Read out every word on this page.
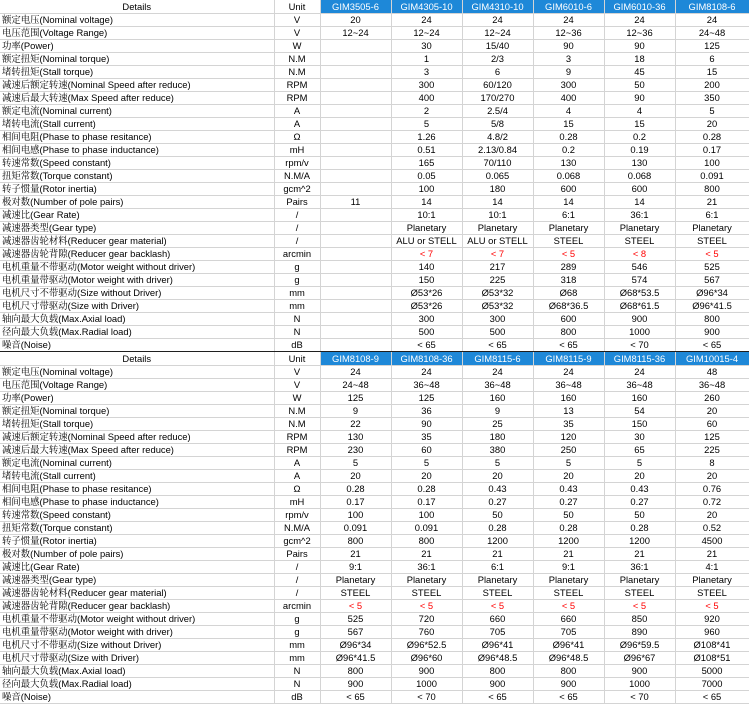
Details	Unit	GIM3505-6	GIM4305-10	GIM4310-10	GIM6010-6	GIM6010-36	GIM8108-6
额定电压(Nominal voltage)	V	20	24	24	24	24	24
电压范围(Voltage Range)	V	12~24	12~24	12~24	12~36	12~36	24~48
功率(Power)	W		30	15/40	90	90	125
额定扭矩(Nominal torque)	N.M		1	2/3	3	18	6
堵转扭矩(Stall torque)	N.M		3	6	9	45	15
减速后额定转速(Nominal Speed after reduce)	RPM		300	60/120	300	50	200
减速后最大转速(Max Speed after reduce)	RPM		400	170/270	400	90	350
额定电流(Nominal current)	A		2	2.5/4	4	4	5
堵转电流(Stall current)	A		5	5/8	15	15	20
相间电阻(Phase to phase resitance)	Ω		1.26	4.8/2	0.28	0.2	0.28
相间电感(Phase to phase inductance)	mH		0.51	2.13/0.84	0.2	0.19	0.17
转速常数(Speed constant)	rpm/v		165	70/110	130	130	100
扭矩常数(Torque constant)	N.M/A		0.05	0.065	0.068	0.068	0.091
转子惯量(Rotor inertia)	gcm^2		100	180	600	600	800
极对数(Number of pole pairs)	Pairs	11	14	14	14	14	21
减速比(Gear Rate)	/		10:1	10:1	6:1	36:1	6:1
减速器类型(Gear type)	/		Planetary	Planetary	Planetary	Planetary	Planetary
减速器齿轮材料(Reducer gear material)	/		ALU or STELL	ALU or STELL	STEEL	STEEL	STEEL
减速器齿轮背隙(Reducer gear backlash)	arcmin		< 7	< 7	< 5	< 8	< 5
电机重量不带驱动(Motor weight without driver)	g		140	217	289	546	525
电机重量带驱动(Motor weight with driver)	g		150	225	318	574	567
电机尺寸不带驱动(Size without Driver)	mm		Ø53*26	Ø53*32	Ø68	Ø68*53.5	Ø96*34
电机尺寸带驱动(Size with Driver)	mm		Ø53*26	Ø53*32	Ø68*36.5	Ø68*61.5	Ø96*41.5
轴向最大负载(Max.Axial load)	N		300	300	600	900	800
径向最大负载(Max.Radial load)	N		500	500	800	1000	900
噪音(Noise)	dB		< 65	< 65	< 65	< 70	< 65
Details	Unit	GIM8108-9	GIM8108-36	GIM8115-6	GIM8115-9	GIM8115-36	GIM10015-4
额定电压(Nominal voltage)	V	24	24	24	24	24	48
电压范围(Voltage Range)	V	24~48	36~48	36~48	36~48	36~48	36~48
功率(Power)	W	125	125	160	160	160	260
额定扭矩(Nominal torque)	N.M	9	36	9	13	54	20
堵转扭矩(Stall torque)	N.M	22	90	25	35	150	60
减速后额定转速(Nominal Speed after reduce)	RPM	130	35	180	120	30	125
减速后最大转速(Max Speed after reduce)	RPM	230	60	380	250	65	225
额定电流(Nominal current)	A	5	5	5	5	5	8
堵转电流(Stall current)	A	20	20	20	20	20	20
相间电阻(Phase to phase resitance)	Ω	0.28	0.28	0.43	0.43	0.43	0.76
相间电感(Phase to phase inductance)	mH	0.17	0.17	0.27	0.27	0.27	0.72
转速常数(Speed constant)	rpm/v	100	100	50	50	50	20
扭矩常数(Torque constant)	N.M/A	0.091	0.091	0.28	0.28	0.28	0.52
转子惯量(Rotor inertia)	gcm^2	800	800	1200	1200	1200	4500
极对数(Number of pole pairs)	Pairs	21	21	21	21	21	21
减速比(Gear Rate)	/	9:1	36:1	6:1	9:1	36:1	4:1
减速器类型(Gear type)	/	Planetary	Planetary	Planetary	Planetary	Planetary	Planetary
减速器齿轮材料(Reducer gear material)	/	STEEL	STEEL	STEEL	STEEL	STEEL	STEEL
减速器齿轮背隙(Reducer gear backlash)	arcmin	< 5	< 5	< 5	< 5	< 5	< 5
电机重量不带驱动(Motor weight without driver)	g	525	720	660	660	850	920
电机重量带驱动(Motor weight with driver)	g	567	760	705	705	890	960
电机尺寸不带驱动(Size without Driver)	mm	Ø96*34	Ø96*52.5	Ø96*41	Ø96*41	Ø96*59.5	Ø108*41
电机尺寸带驱动(Size with Driver)	mm	Ø96*41.5	Ø96*60	Ø96*48.5	Ø96*48.5	Ø96*67	Ø108*51
轴向最大负载(Max.Axial load)	N	800	900	800	800	900	5000
径向最大负载(Max.Radial load)	N	900	1000	900	900	1000	7000
噪音(Noise)	dB	< 65	< 70	< 65	< 65	< 70	< 65
